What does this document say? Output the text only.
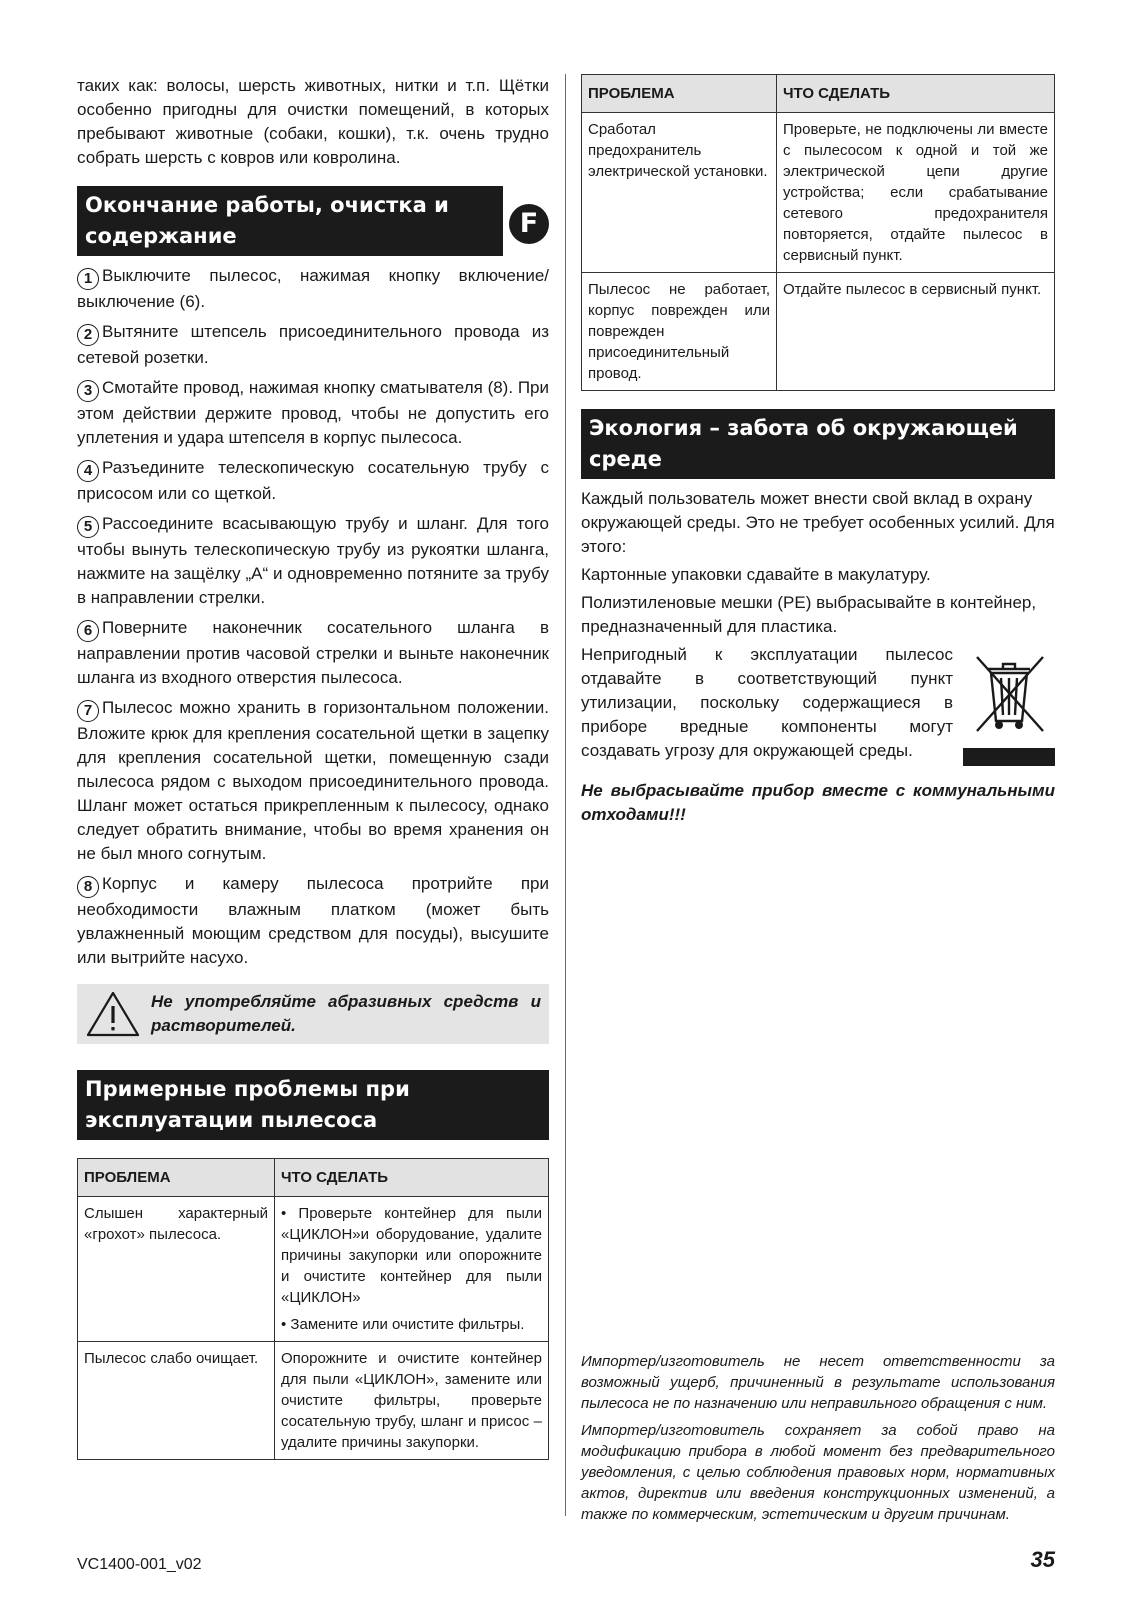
таких как: волосы, шерсть животных, нитки и т.п. Щётки особенно пригодны для очистки помещений, в которых пребывают животные (собаки, кошки), т.к. очень трудно собрать шерсть с ковров или ковролина.

Окончание работы, очистка и содержание	F
1 Выключите пылесос, нажимая кнопку включение/выключение (6).
2 Вытяните штепсель присоединительного провода из сетевой розетки.
3 Смотайте провод, нажимая кнопку сматывателя (8). При этом действии держите провод, чтобы не допустить его уплетения и удара штепселя в корпус пылесоса.
4 Разъедините телескопическую сосательную трубу с присосом или со щеткой.
5 Рассоедините всасывающую трубу и шланг. Для того чтобы вынуть телескопическую трубу из рукоятки шланга, нажмите на защёлку „A“ и одновременно потяните за трубу в направлении стрелки.
6 Поверните наконечник сосательного шланга в направлении против часовой стрелки и выньте наконечник шланга из входного отверстия пылесоса.
7 Пылесос можно хранить в горизонтальном положении. Вложите крюк для крепления сосательной щетки в зацепку для крепления сосательной щетки, помещенную сзади пылесоса рядом с выходом присоединительного провода. Шланг может остаться прикрепленным к пылесосу, однако следует обратить внимание, чтобы во время хранения он не был много согнутым.
8 Корпус и камеру пылесоса протрийте при необходимости влажным платком (может быть увлажненный моющим средством для посуды), высушите или вытрийте насухо.
Не употребляйте абразивных средств и растворителей.
Примерные проблемы при эксплуатации пылесоса
ПРОБЛЕМА	ЧТО СДЕЛАТЬ
Слышен характерный «грохот» пылесоса.	• Проверьте контейнер для пыли «ЦИКЛОН»и оборудование, удалите причины закупорки или опорожните и очистите контейнер для пыли «ЦИКЛОН»
• Замените или очистите фильтры.

Пылесос слабо очищает.	Опорожните и очистите контейнер для пыли «ЦИКЛОН», замените или очистите фильтры, проверьте сосательную трубу, шланг и присос – удалите причины закупорки.
ПРОБЛЕМА	ЧТО СДЕЛАТЬ
Сработал предохранитель электрической установки.	Проверьте, не подключены ли вместе с пылесосом к одной и той же электрической цепи другие устройства; если срабатывание сетевого предохранителя повторяется, отдайте пылесос в сервисный пункт.
Пылесос не работает, корпус поврежден или поврежден присоединительный провод.	Отдайте пылесос в сервисный пункт.
Экология – забота об окружающей среде

Каждый пользователь может внести свой вклад в охрану окружающей среды. Это не требует особенных усилий. Для этого:

Картонные упаковки сдавайте в макулатуру.

Полиэтиленовые мешки (PE) выбрасывайте в контейнер, предназначенный для пластика.

Непригодный к эксплуатации пылесос отдавайте в соответствующий пункт утилизации, поскольку содержащиеся в приборе вредные компоненты могут создавать угрозу для окружающей среды.

Не выбрасывайте прибор вместе с коммунальными отходами!!!

Импортер/изготовитель не несет ответственности за возможный ущерб, причиненный в результате использования пылесоса не по назначению или неправильного обращения с ним.

Импортер/изготовитель сохраняет за собой право на модификацию прибора в любой момент без предварительного уведомления, с целью соблюдения правовых норм, нормативных актов, директив или введения конструкционных изменений, а также по коммерческим, эстетическим и другим причинам.

VC1400-001_v02	35
